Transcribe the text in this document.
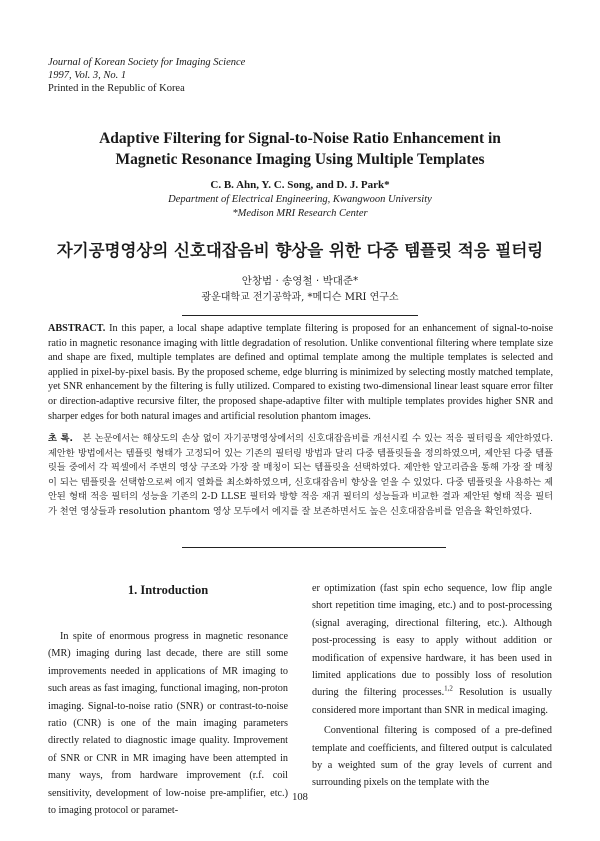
Journal of Korean Society for Imaging Science
1997, Vol. 3, No. 1
Printed in the Republic of Korea
Adaptive Filtering for Signal-to-Noise Ratio Enhancement in
Magnetic Resonance Imaging Using Multiple Templates
C. B. Ahn, Y. C. Song, and D. J. Park*
Department of Electrical Engineering, Kwangwoon University
*Medison MRI Research Center
자기공명영상의 신호대잡음비 향상을 위한 다중 템플릿 적응 필터링
안창범 · 송영철 · 박대준*
광운대학교 전기공학과, *메디슨 MRI 연구소
ABSTRACT. In this paper, a local shape adaptive template filtering is proposed for an enhancement of signal-to-noise ratio in magnetic resonance imaging with little degradation of resolution. Unlike conventional filtering where template size and shape are fixed, multiple templates are defined and optimal template among the multiple templates is selected and applied in pixel-by-pixel basis. By the proposed scheme, edge blurring is minimized by selecting mostly matched template, yet SNR enhancement by the filtering is fully utilized. Compared to existing two-dimensional linear least square error filter or direction-adaptive recursive filter, the proposed shape-adaptive filter with multiple templates provides higher SNR and sharper edges for both natural images and artificial resolution phantom images.
초 록. 본 논문에서는 해상도의 손상 없이 자기공명영상에서의 신호대잡음비를 개선시킬 수 있는 적응 필터링을 제안하였다. 제안한 방법에서는 템플릿 형태가 고정되어 있는 기존의 필터링 방법과 달리 다중 템플릿들을 정의하였으며, 제안된 다중 템플릿들 중에서 각 픽셀에서 주변의 영상 구조와 가장 잘 매칭이 되는 템플릿을 선택하였다. 제안한 알고리즘을 통해 가장 잘 매칭이 되는 템플릿을 선택함으로써 에지 열화를 최소화하였으며, 신호대잡음비 향상을 얻을 수 있었다. 다중 템플릿을 사용하는 제안된 형태 적응 필터의 성능을 기존의 2-D LLSE 필터와 방향 적응 재귀 필터의 성능들과 비교한 결과 제안된 형태 적응 필터가 천연 영상들과 resolution phantom 영상 모두에서 에지를 잘 보존하면서도 높은 신호대잡음비를 얻음을 확인하였다.
1. Introduction

In spite of enormous progress in magnetic resonance (MR) imaging during last decade, there are still some improvements needed in applications of MR imaging to such areas as fast imaging, functional imaging, non-proton imaging. Signal-to-noise ratio (SNR) or contrast-to-noise ratio (CNR) is one of the main imaging parameters directly related to diagnostic image quality. Improvement of SNR or CNR in MR imaging have been attempted in many ways, from hardware improvement (r.f. coil sensitivity, development of low-noise pre-amplifier, etc.) to imaging protocol or paramet-

er optimization (fast spin echo sequence, low flip angle short repetition time imaging, etc.) and to post-processing (signal averaging, directional filtering, etc.). Although post-processing is easy to apply without addition or modification of expensive hardware, it has been used in limited applications due to possibly loss of resolution during the filtering processes.$^{1,2}$ Resolution is usually considered more important than SNR in medical imaging.

Conventional filtering is composed of a pre-defined template and coefficients, and filtered output is calculated by a weighted sum of the gray levels of current and surrounding pixels on the template with the

108
